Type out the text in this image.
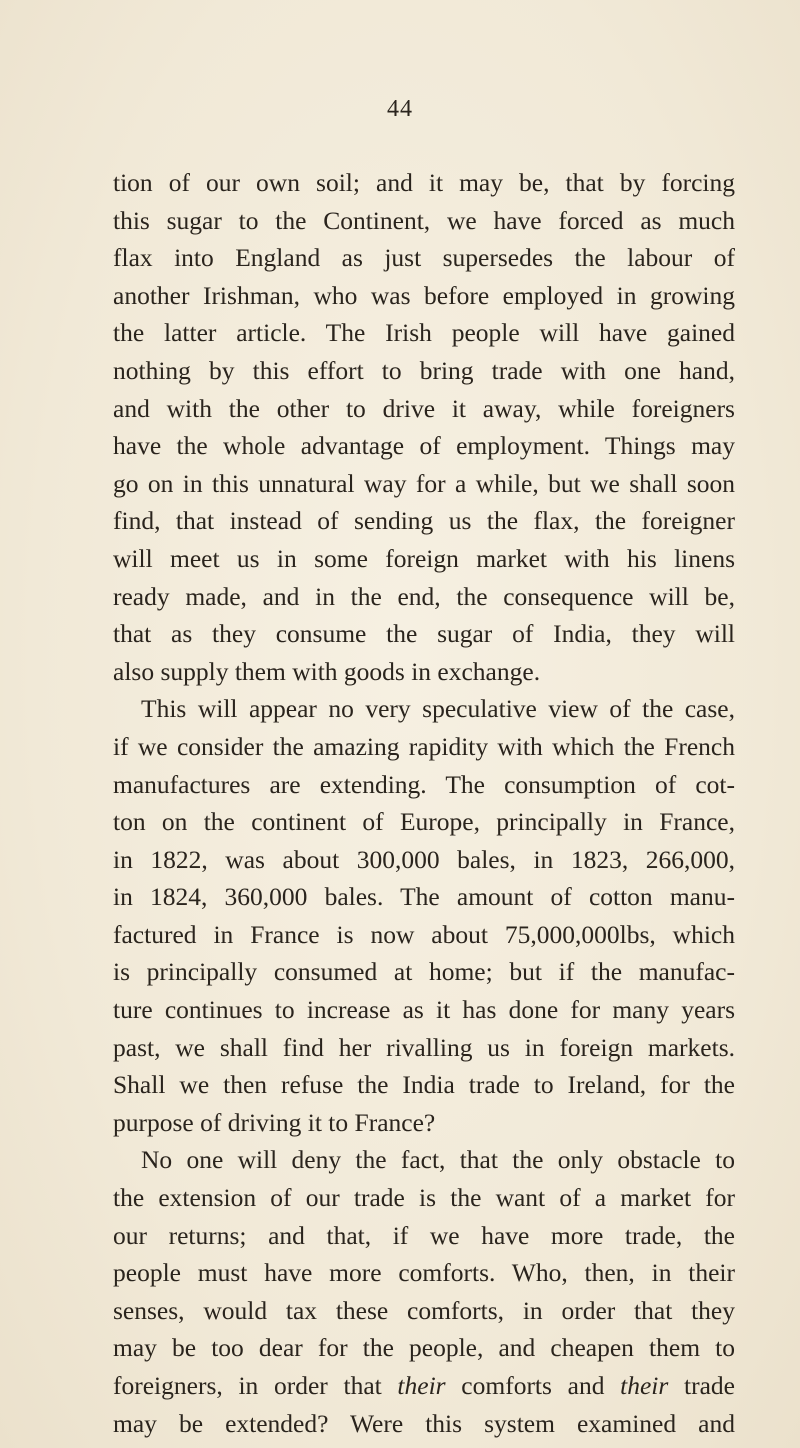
44
tion of our own soil; and it may be, that by forcing
this sugar to the Continent, we have forced as much
flax into England as just supersedes the labour of
another Irishman, who was before employed in growing
the latter article. The Irish people will have gained
nothing by this effort to bring trade with one hand,
and with the other to drive it away, while foreigners
have the whole advantage of employment. Things may
go on in this unnatural way for a while, but we shall soon
find, that instead of sending us the flax, the foreigner
will meet us in some foreign market with his linens
ready made, and in the end, the consequence will be,
that as they consume the sugar of India, they will
also supply them with goods in exchange.
This will appear no very speculative view of the case,
if we consider the amazing rapidity with which the French
manufactures are extending. The consumption of cot-
ton on the continent of Europe, principally in France,
in 1822, was about 300,000 bales, in 1823, 266,000,
in 1824, 360,000 bales. The amount of cotton manu-
factured in France is now about 75,000,000lbs, which
is principally consumed at home; but if the manufac-
ture continues to increase as it has done for many years
past, we shall find her rivalling us in foreign markets.
Shall we then refuse the India trade to Ireland, for the
purpose of driving it to France?
No one will deny the fact, that the only obstacle to
the extension of our trade is the want of a market for
our returns; and that, if we have more trade, the
people must have more comforts. Who, then, in their
senses, would tax these comforts, in order that they
may be too dear for the people, and cheapen them to
foreigners, in order that their comforts and their trade
may be extended? Were this system examined and
